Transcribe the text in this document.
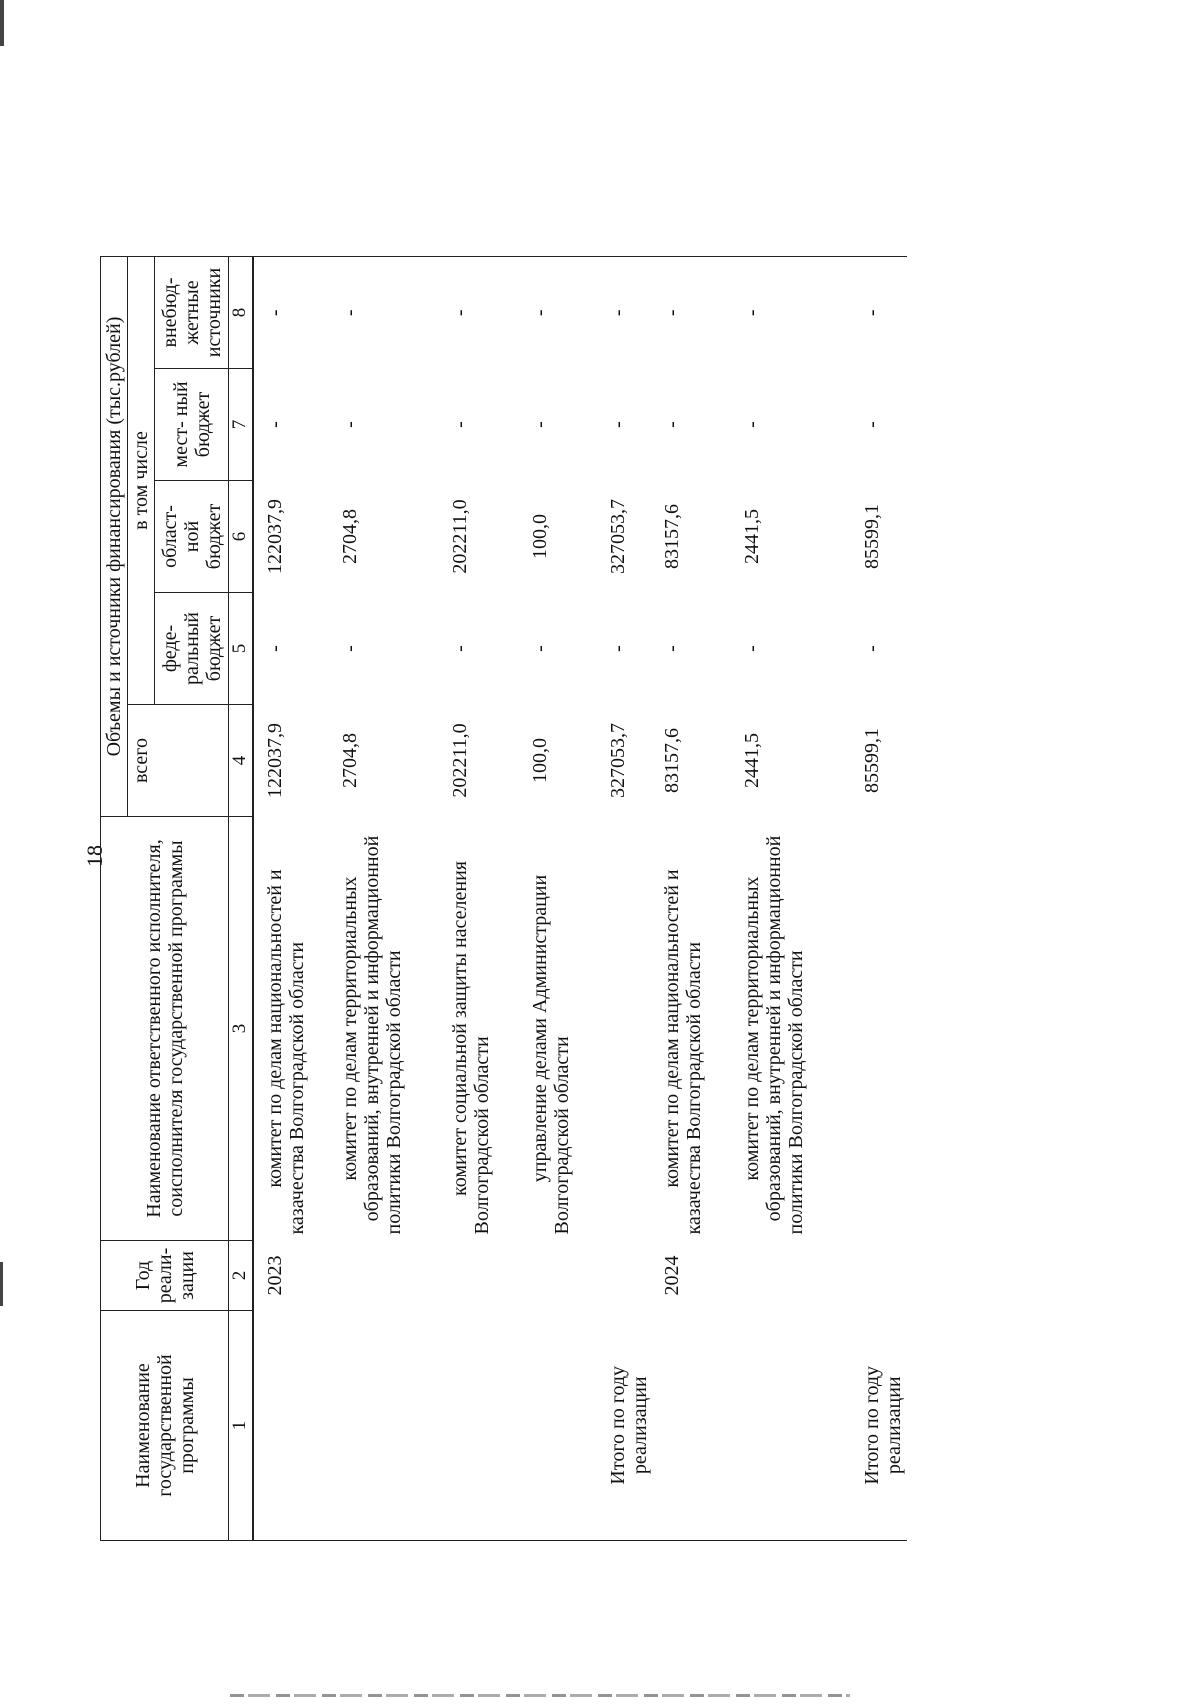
18
Наименование государственной программы	Год реали- зации	Наименование ответственного исполнителя, соисполнителя государственной программы	Объемы и источники финансирования (тыс.рублей)				
			всего	в том числе			
				феде- ральный бюджет	област- ной бюджет	мест- ный бюджет	внебюд- жетные источники
1	2	3	4	5	6	7	8
	2023	комитет по делам национальностей и казачества Волгоградской области	122037,9	-	122037,9	-	-
		комитет по делам территориальных образований, внутренней и информационной политики Волгоградской области	2704,8	-	2704,8	-	-
		комитет социальной защиты населения Волгоградской области	202211,0	-	202211,0	-	-
		управление делами Администрации Волгоградской области	100,0	-	100,0	-	-
Итого по году реализации			327053,7	-	327053,7	-	-
	2024	комитет по делам национальностей и казачества Волгоградской области	83157,6	-	83157,6	-	-
		комитет по делам территориальных образований, внутренней и информационной политики Волгоградской области	2441,5	-	2441,5	-	-
Итого по году реализации			85599,1	-	85599,1	-	-
